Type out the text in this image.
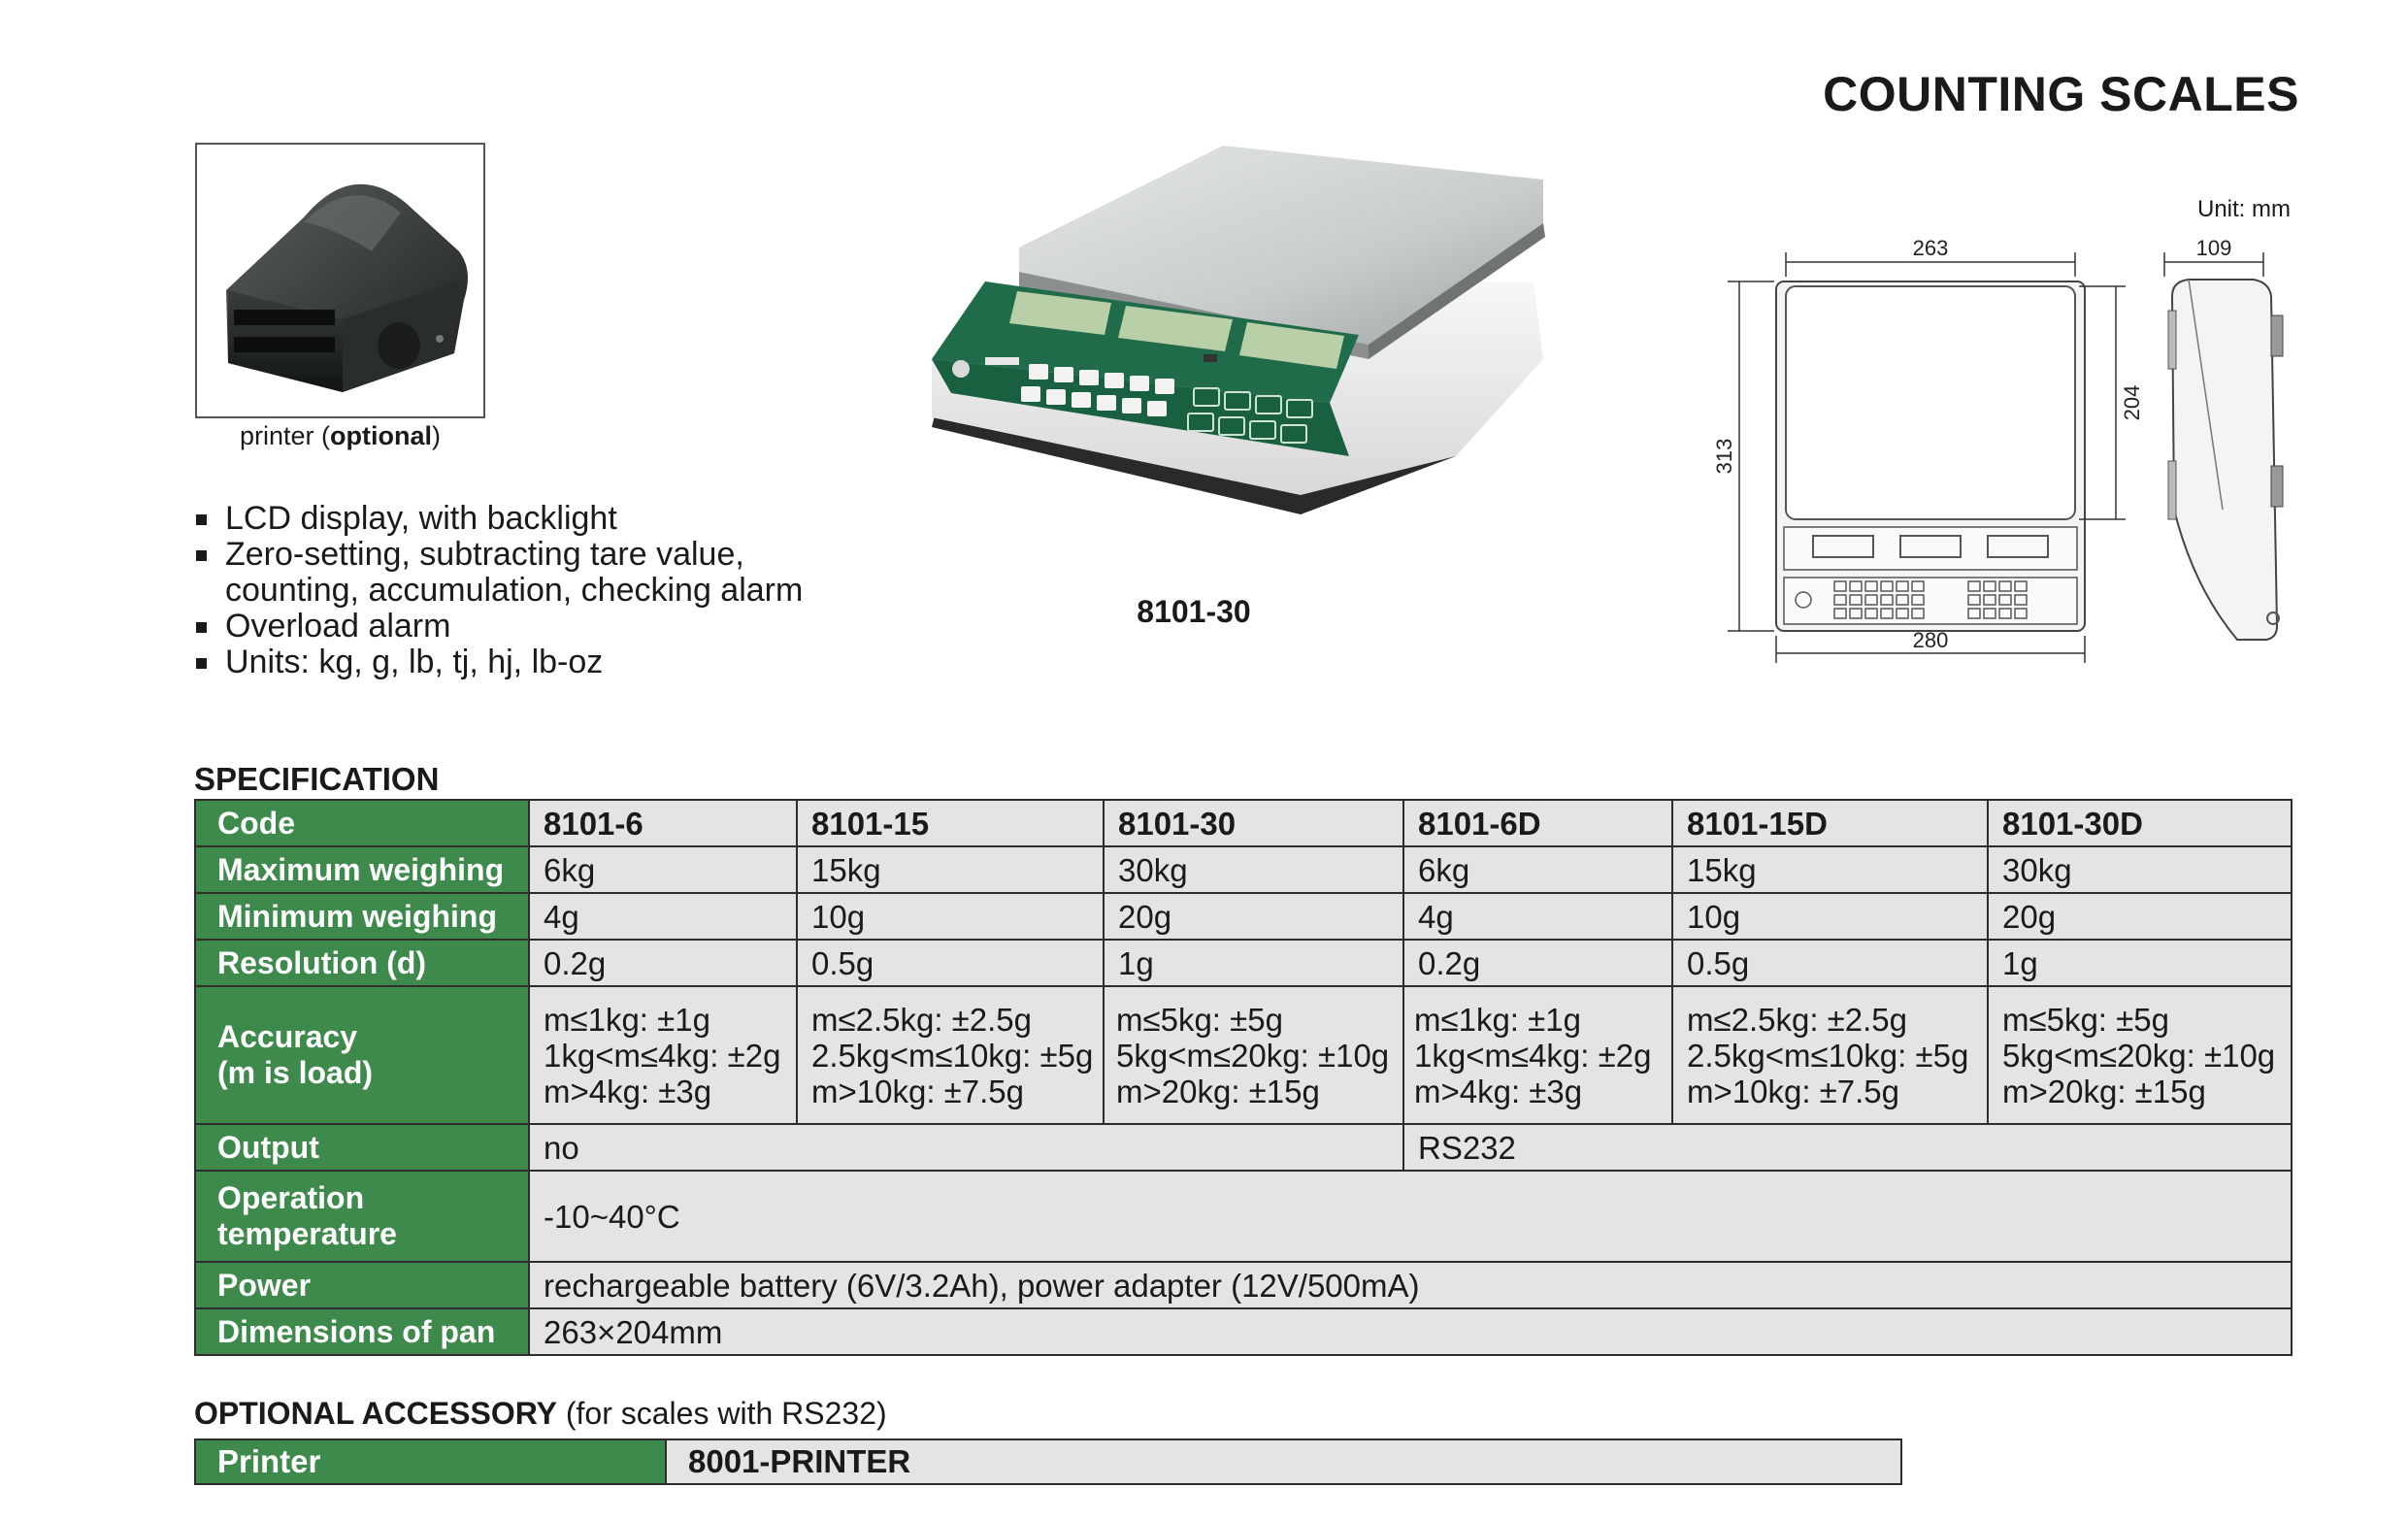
COUNTING SCALES
printer (optional)
LCD display, with backlight
Zero-setting, subtracting tare value,
counting, accumulation, checking alarm
Overload alarm
Units: kg, g, lb, tj, hj, lb-oz
8101-30
Unit: mm
263
280
313
204
109
SPECIFICATION
Code	8101-6	8101-15	8101-30	8101-6D	8101-15D	8101-30D
Maximum weighing	6kg	15kg	30kg	6kg	15kg	30kg
Minimum weighing	4g	10g	20g	4g	10g	20g
Resolution (d)	0.2g	0.5g	1g	0.2g	0.5g	1g
Accuracy
(m is load)	m≤1kg: ±1g
1kg<m≤4kg: ±2g
m>4kg: ±3g	m≤2.5kg: ±2.5g
2.5kg<m≤10kg: ±5g
m>10kg: ±7.5g	m≤5kg: ±5g
5kg<m≤20kg: ±10g
m>20kg: ±15g	m≤1kg: ±1g
1kg<m≤4kg: ±2g
m>4kg: ±3g	m≤2.5kg: ±2.5g
2.5kg<m≤10kg: ±5g
m>10kg: ±7.5g	m≤5kg: ±5g
5kg<m≤20kg: ±10g
m>20kg: ±15g
Output	no			RS232		
Operation
temperature	-10~40°C					
Power	rechargeable battery (6V/3.2Ah), power adapter (12V/500mA)					
Dimensions of pan	263×204mm					
OPTIONAL ACCESSORY (for scales with RS232)
Printer	8001-PRINTER
